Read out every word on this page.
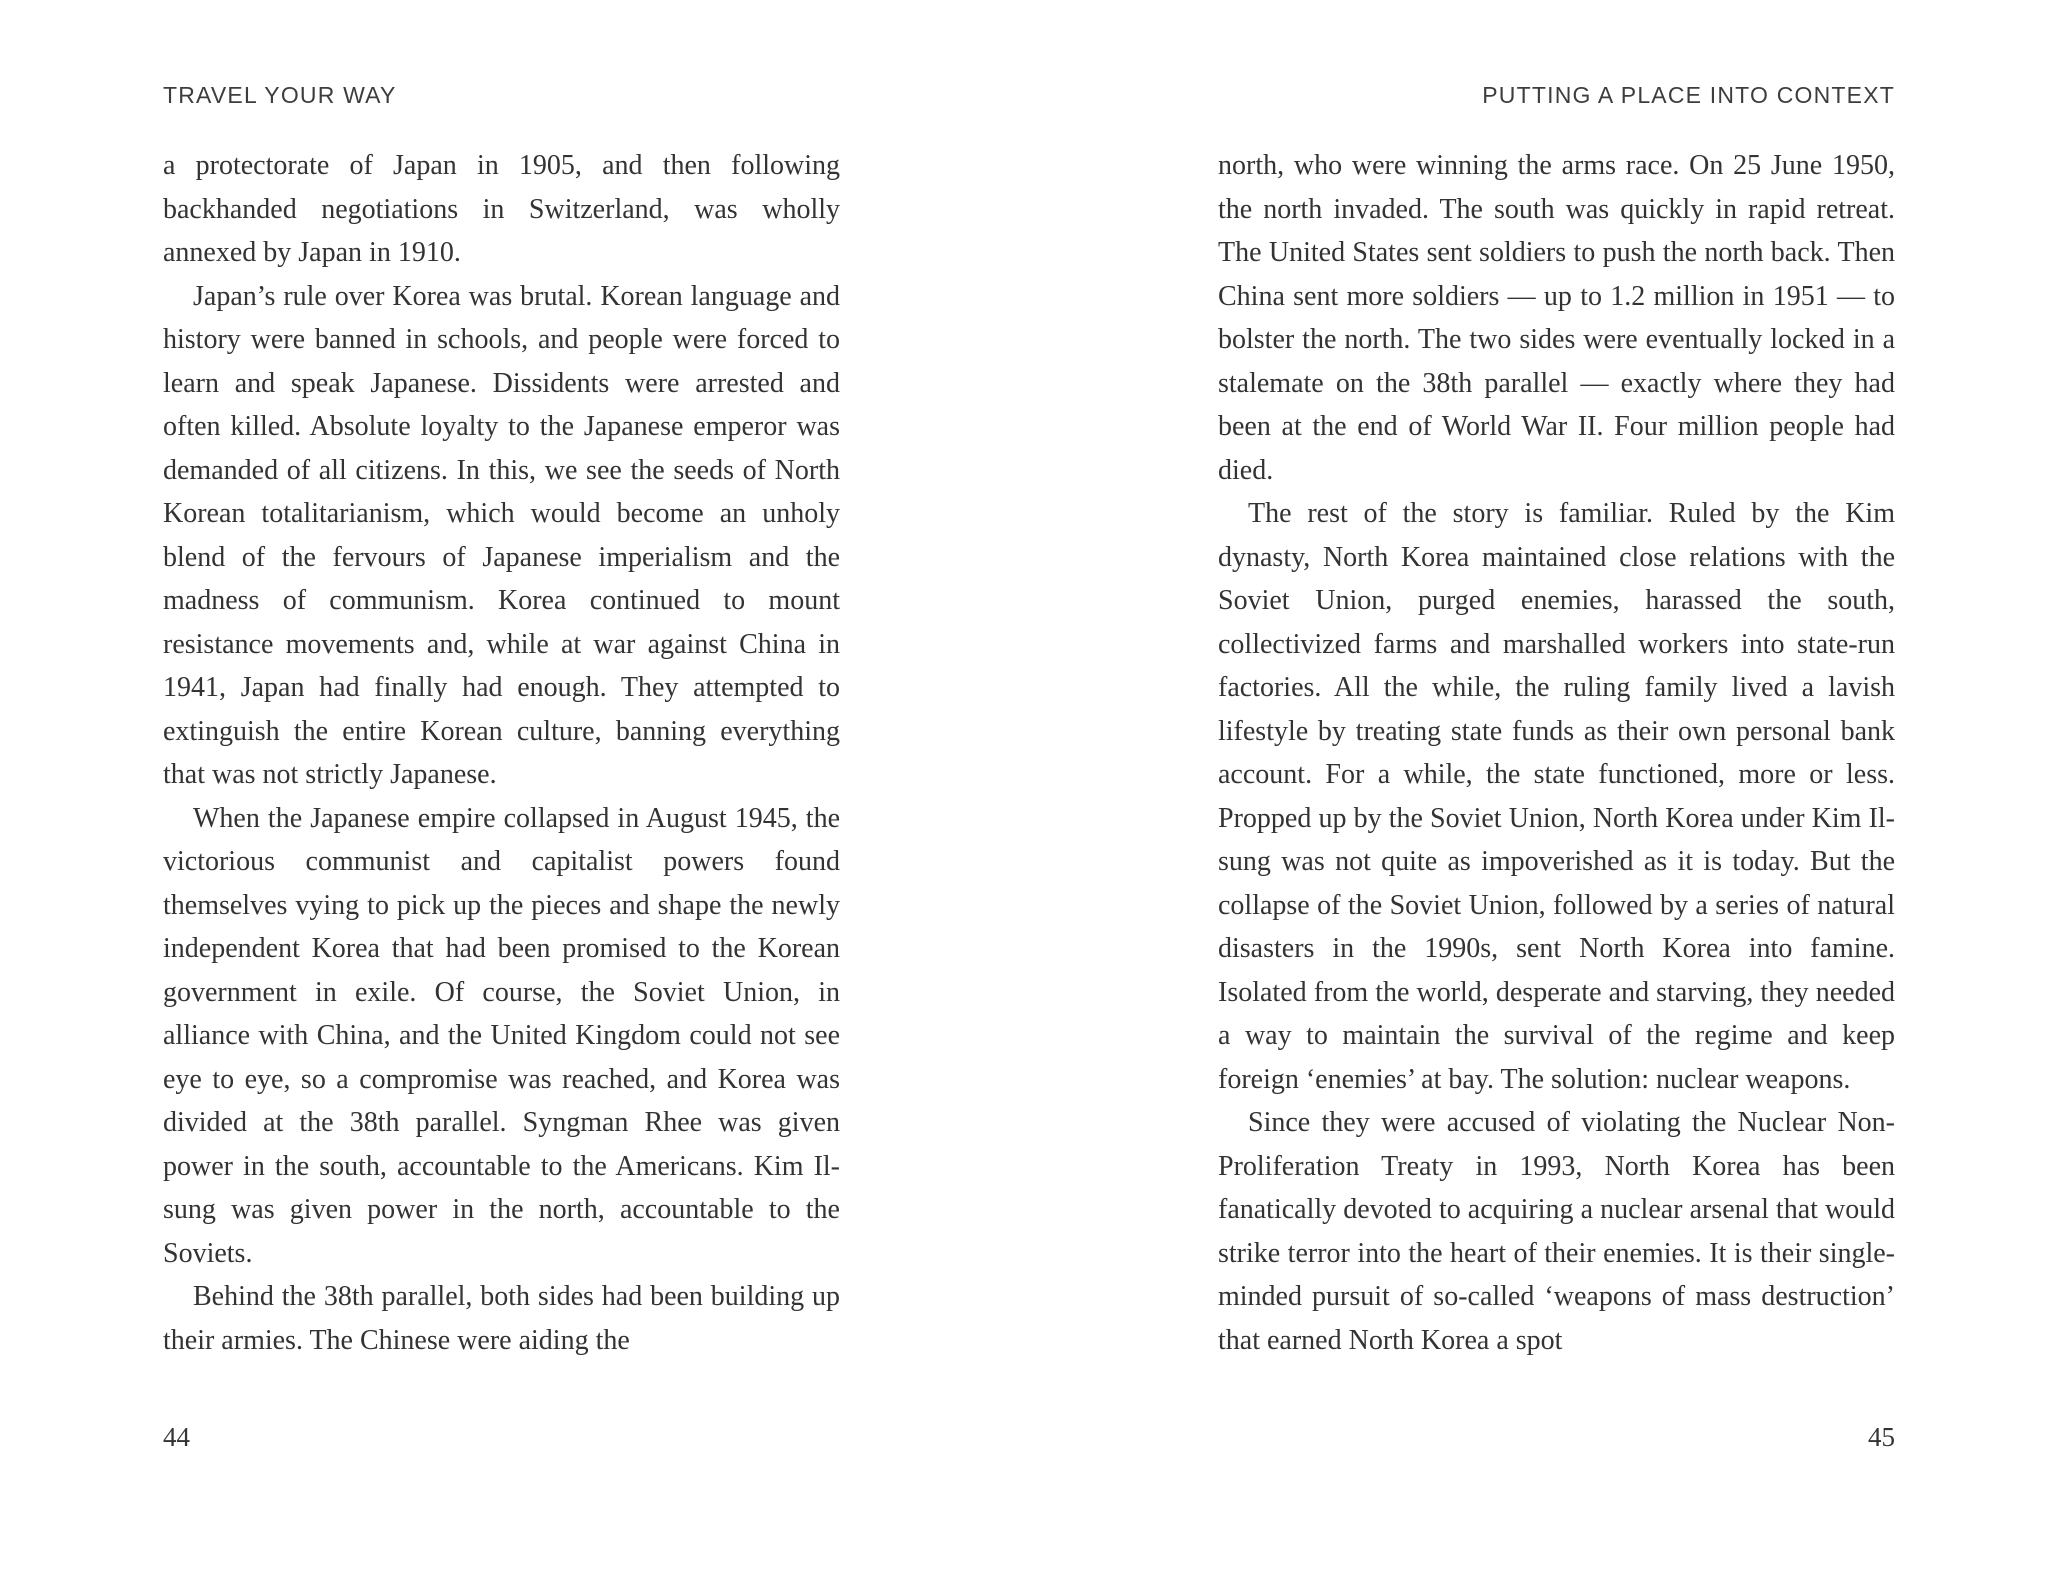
TRAVEL YOUR WAY

a protectorate of Japan in 1905, and then following backhanded negotiations in Switzerland, was wholly annexed by Japan in 1910.

Japan’s rule over Korea was brutal. Korean language and history were banned in schools, and people were forced to learn and speak Japanese. Dissidents were arrested and often killed. Absolute loyalty to the Japanese emperor was demanded of all citizens. In this, we see the seeds of North Korean totalitarianism, which would become an unholy blend of the fervours of Japanese imperialism and the madness of communism. Korea continued to mount resistance movements and, while at war against China in 1941, Japan had finally had enough. They attempted to extinguish the entire Korean culture, banning everything that was not strictly Japanese.

When the Japanese empire collapsed in August 1945, the victorious communist and capitalist powers found themselves vying to pick up the pieces and shape the newly independent Korea that had been promised to the Korean government in exile. Of course, the Soviet Union, in alliance with China, and the United Kingdom could not see eye to eye, so a compromise was reached, and Korea was divided at the 38th parallel. Syngman Rhee was given power in the south, accountable to the Americans. Kim Il-sung was given power in the north, accountable to the Soviets.

Behind the 38th parallel, both sides had been building up their armies. The Chinese were aiding the

44
PUTTING A PLACE INTO CONTEXT

north, who were winning the arms race. On 25 June 1950, the north invaded. The south was quickly in rapid retreat. The United States sent soldiers to push the north back. Then China sent more soldiers — up to 1.2 million in 1951 — to bolster the north. The two sides were eventually locked in a stalemate on the 38th parallel — exactly where they had been at the end of World War II. Four million people had died.

The rest of the story is familiar. Ruled by the Kim dynasty, North Korea maintained close relations with the Soviet Union, purged enemies, harassed the south, collectivized farms and marshalled workers into state-run factories. All the while, the ruling family lived a lavish lifestyle by treating state funds as their own personal bank account. For a while, the state functioned, more or less. Propped up by the Soviet Union, North Korea under Kim Il-sung was not quite as impoverished as it is today. But the collapse of the Soviet Union, followed by a series of natural disasters in the 1990s, sent North Korea into famine. Isolated from the world, desperate and starving, they needed a way to maintain the survival of the regime and keep foreign ‘enemies’ at bay. The solution: nuclear weapons.

Since they were accused of violating the Nuclear Non-Proliferation Treaty in 1993, North Korea has been fanatically devoted to acquiring a nuclear arsenal that would strike terror into the heart of their enemies. It is their single-minded pursuit of so-called ‘weapons of mass destruction’ that earned North Korea a spot

45
